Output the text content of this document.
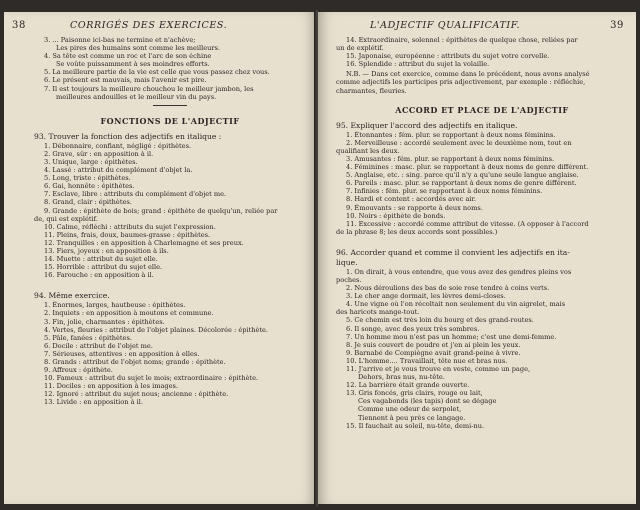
38	CORRIGÉS DES EXERCICES.
3. ... Paisonne ici-bas ne termine et n'achève;
Les pires des humains sont comme les meilleurs.
4. Sa tête est comme un roc et l'arc de son échine
Se voûte puissamment à ses moindres efforts.
5. La meilleure partie de la vie est celle que vous passez chez vous.
6. Le présent est mauvais, mais l'avenir est pire.
7. Il est toujours la meilleure chouchou le meilleur jambon, les
meilleures andouilles et le meilleur vin du pays.
FONCTIONS DE L'ADJECTIF
93. Trouver la fonction des adjectifs en italique :
1. Débonnaire, confiant, négligé : épithètes.
2. Grave, sûr : en apposition à il.
3. Unique, large : épithètes.
4. Lassé : attribut du complément d'objet la.
5. Long, triste : épithètes.
6. Gai, honnête : épithètes.
7. Esclave, libre : attributs du complément d'objet me.
8. Grand, clair : épithètes.
9. Grande : épithète de bois; grand : épithète de quelqu'un, reliée par
de, qui est explétif.
10. Calme, réfléchi : attributs du sujet l'expression.
11. Pleins, frais, doux, baumes-grasse : épithètes.
12. Tranquilles : en apposition à Charlemagne et ses preux.
13. Fiers, joyeux : en apposition à ils.
14. Muette : attribut du sujet elle.
15. Horrible : attribut du sujet elle.
16. Farouche : en apposition à il.
94. Même exercice.
1. Énormes, larges, hautbeuse : épithètes.
2. Inquiets : en apposition à moutons et commune.
3. Fin, jolie, charmantes : épithètes.
4. Vertes, fleuries : attribut de l'objet plaines. Décolorée : épithète.
5. Pâle, fanées : épithètes.
6. Docile : attribut de l'objet me.
7. Sérieuses, attentives : en apposition à elles.
8. Grands : attribut de l'objet noms; grande : épithète.
9. Affreux : épithète.
10. Fameux : attribut du sujet le mois; extraordinaire : épithète.
11. Dociles : en apposition à les images.
12. Ignoré : attribut du sujet nous; ancienne : épithète.
13. Livide : en apposition à il.
L'ADJECTIF QUALIFICATIF.	39
14. Extraordinaire, solennel : épithètes de quelque chose, reliées par
un de explétif.
15. Japonaise, européenne : attributs du sujet votre corvelle.
16. Splendide : attribut du sujet la volaille.
N.B. — Dans cet exercice, comme dans le précédent, nous avons analysé
comme adjectifs les participes pris adjectivement, par exemple : réfléchie,
charmantes, fleuries.
ACCORD ET PLACE DE L'ADJECTIF
95. Expliquer l'accord des adjectifs en italique.
1. Étonnantes : fém. plur. se rapportant à deux noms féminins.
2. Merveilleuse : accordé seulement avec le deuxième nom, tout en
qualifiant les deux.
3. Amusantes : fém. plur. se rapportant à deux noms féminins.
4. Féminines : masc. plur. se rapportant à deux noms de genre différent.
5. Anglaise, etc. : sing. parce qu'il n'y a qu'une seule langue anglaise.
6. Pareils : masc. plur. se rapportant à deux noms de genre différent.
7. Infinies : fém. plur. se rapportant à deux noms féminins.
8. Hardi et content : accordés avec air.
9. Émouvants : se rapporte à deux noms.
10. Noirs : épithète de bonds.
11. Excessive : accordé comme attribut de vitesse. (A opposer à l'accord
de la phrase 8; les deux accords sont possibles.)
96. Accorder quand et comme il convient les adjectifs en ita-
lique.
1. On dirait, à vous entendre, que vous avez des gendres pleins vos
poches.
2. Nous déroulions des bas de soie rose tendre à coins verts.
3. Le cher ange dormait, les lèvres demi-closes.
4. Une vigne où l'on récoltait non seulement du vin aigrelet, mais
des haricots mange-tout.
5. Ce chemin est très loin du bourg et des grand-routes.
6. Il songe, avec des yeux très sombres.
7. Un homme mou n'est pas un homme; c'est une demi-femme.
8. Je suis couvert de poudre et j'en ai plein les yeux.
9. Barnabé de Compiègne avait grand-peine à vivre.
10. L'homme.... Travaillait, tête nue et bras nus.
11. J'arrive et je vous trouve en veste, comme un page,
Dehors, bras nus, nu-tête.
12. La barrière était grande ouverte.
13. Gris foncés, gris clairs, rouge ou lait,
Ces vagabonds (les tapis) dont se dégage
Comme une odeur de serpolet,
Tiennent à peu près ce langage.
15. Il fauchait au soleil, nu-tête, demi-nu.
